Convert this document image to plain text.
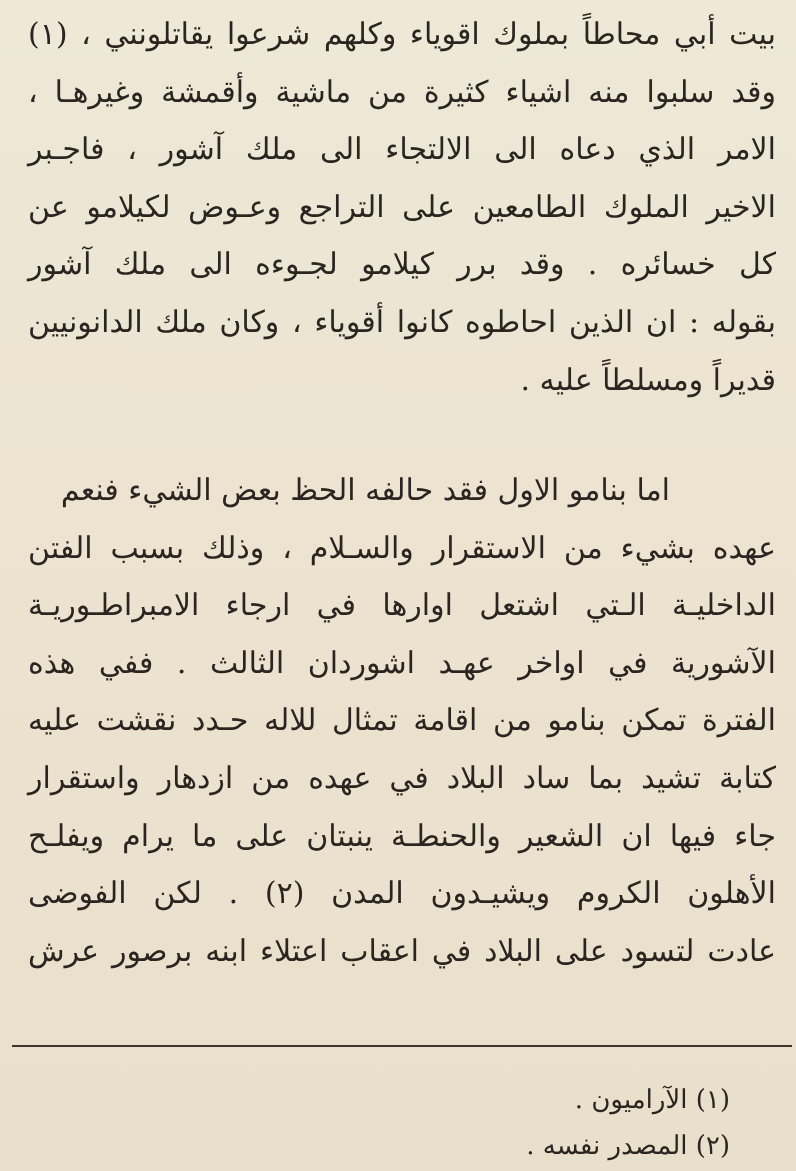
بيت أبي محاطاً بملوك اقوياء وكلهم شرعوا يقاتلونني ، (١)
وقد سلبوا منه اشياء كثيرة من ماشية وأقمشة وغيرهـا ،
الامر الذي دعاه الى الالتجاء الى ملك آشور ، فاجـبر
الاخير الملوك الطامعين على التراجع وعـوض لكيلامو عن
كل خسائره . وقد برر كيلامو لجـوءه الى ملك آشور
بقوله : ان الذين احاطوه كانوا أقوياء ، وكان ملك الدانونيين
قديراً ومسلطاً عليه .
اما بنامو الاول فقد حالفه الحظ بعض الشيء فنعم
عهده بشيء من الاستقرار والسـلام ، وذلك بسبب الفتن
الداخليـة الـتي اشتعل اوارها في ارجاء الامبراطـوريـة
الآشورية في اواخر عهـد اشوردان الثالث . ففي هذه
الفترة تمكن بنامو من اقامة تمثال للاله حـدد نقشت عليه
كتابة تشيد بما ساد البلاد في عهده من ازدهار واستقرار
جاء فيها ان الشعير والحنطـة ينبتان على ما يرام ويفلـح
الأهلون الكروم ويشيـدون المدن (٢) . لكن الفوضى
عادت لتسود على البلاد في اعقاب اعتلاء ابنه برصور عرش
(١) الآراميون .
(٢) المصدر نفسه .
